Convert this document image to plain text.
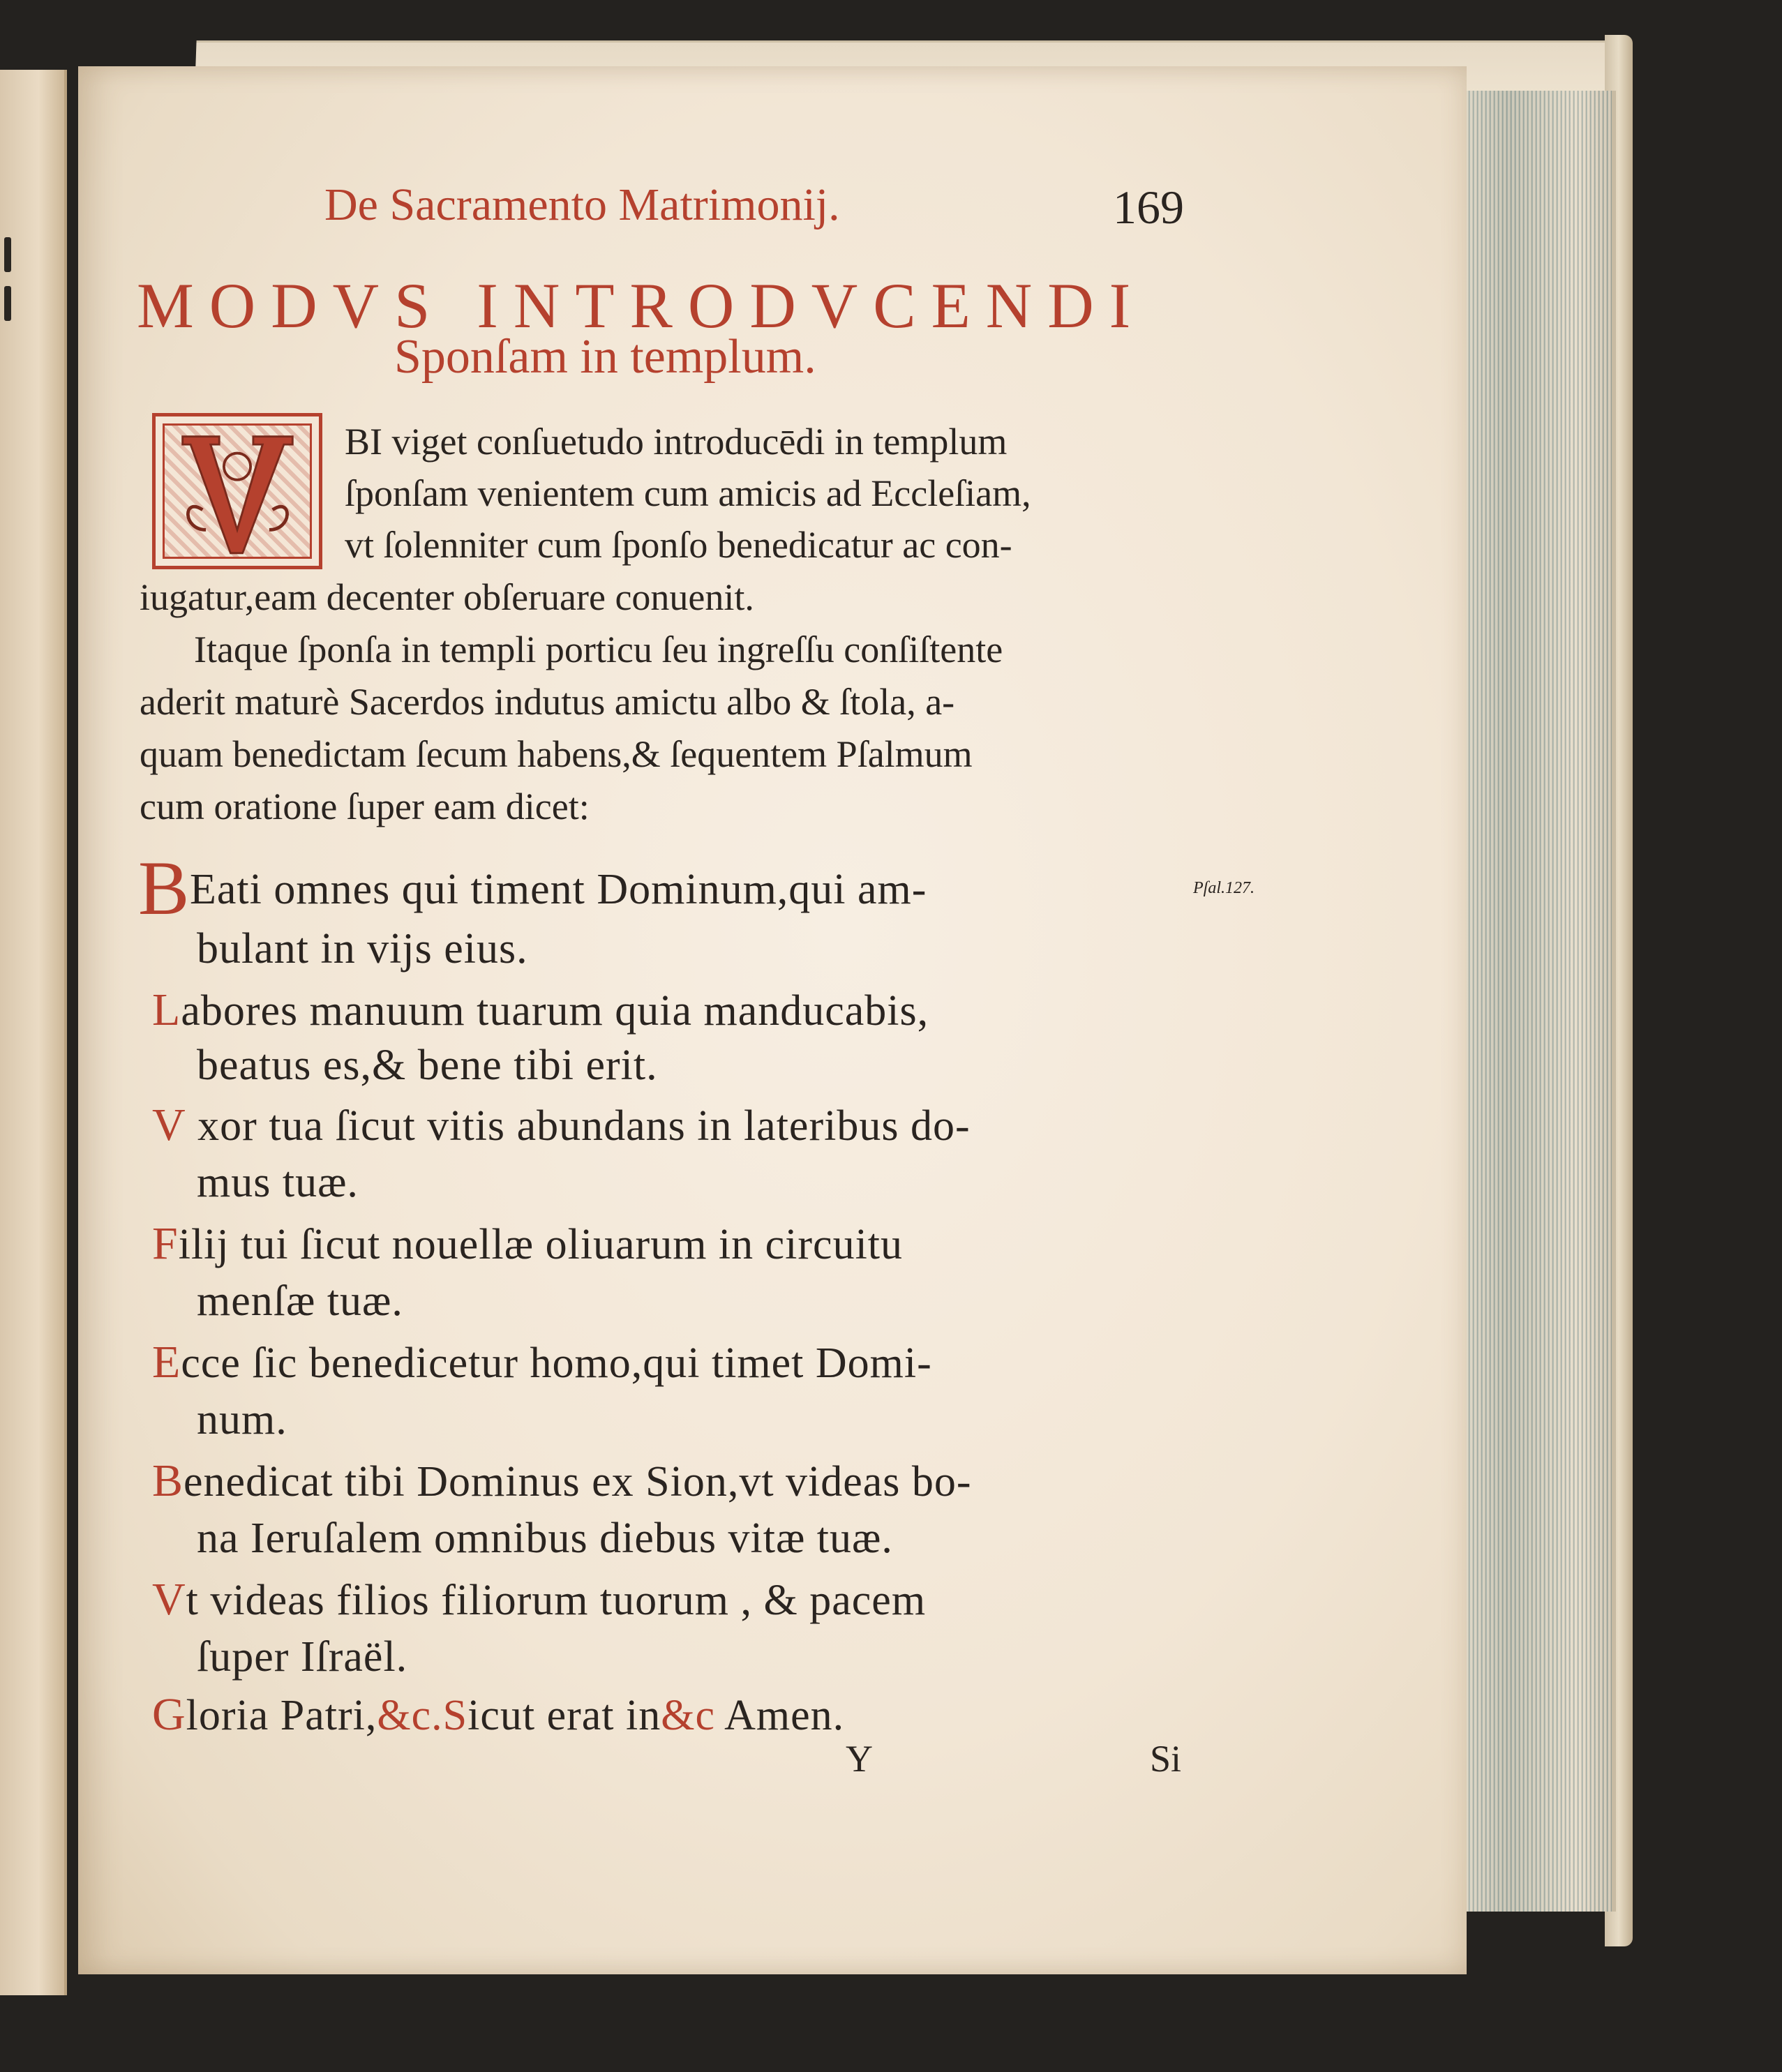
De Sacramento Matrimonij.	169
MODVS INTRODVCENDI
Sponſam in templum.
BI viget conſuetudo introducēdi in templum
ſponſam venientem cum amicis ad Eccleſiam,
vt ſolenniter cum ſponſo benedicatur ac con-
iugatur,eam decenter obſeruare conuenit.
Itaque ſponſa in templi porticu ſeu ingreſſu conſiſtente
aderit maturè Sacerdos indutus amictu albo & ſtola, a-
quam benedictam ſecum habens,& ſequentem Pſalmum
cum oratione ſuper eam dicet:
Pſal.127.
B Eati omnes qui timent Dominum,qui am-
bulant in vijs eius.
Labores manuum tuarum quia manducabis,
beatus es,& bene tibi erit.
V xor tua ſicut vitis abundans in lateribus do-
mus tuæ.
Filij tui ſicut nouellæ oliuarum in circuitu
menſæ tuæ.
Ecce ſic benedicetur homo,qui timet Domi-
num.
Benedicat tibi Dominus ex Sion,vt videas bo-
na Ieruſalem omnibus diebus vitæ tuæ.
Vt videas filios filiorum tuorum , & pacem
ſuper Iſraël.
Gloria Patri,&c.Sicut erat in&c Amen.
Y	Si
